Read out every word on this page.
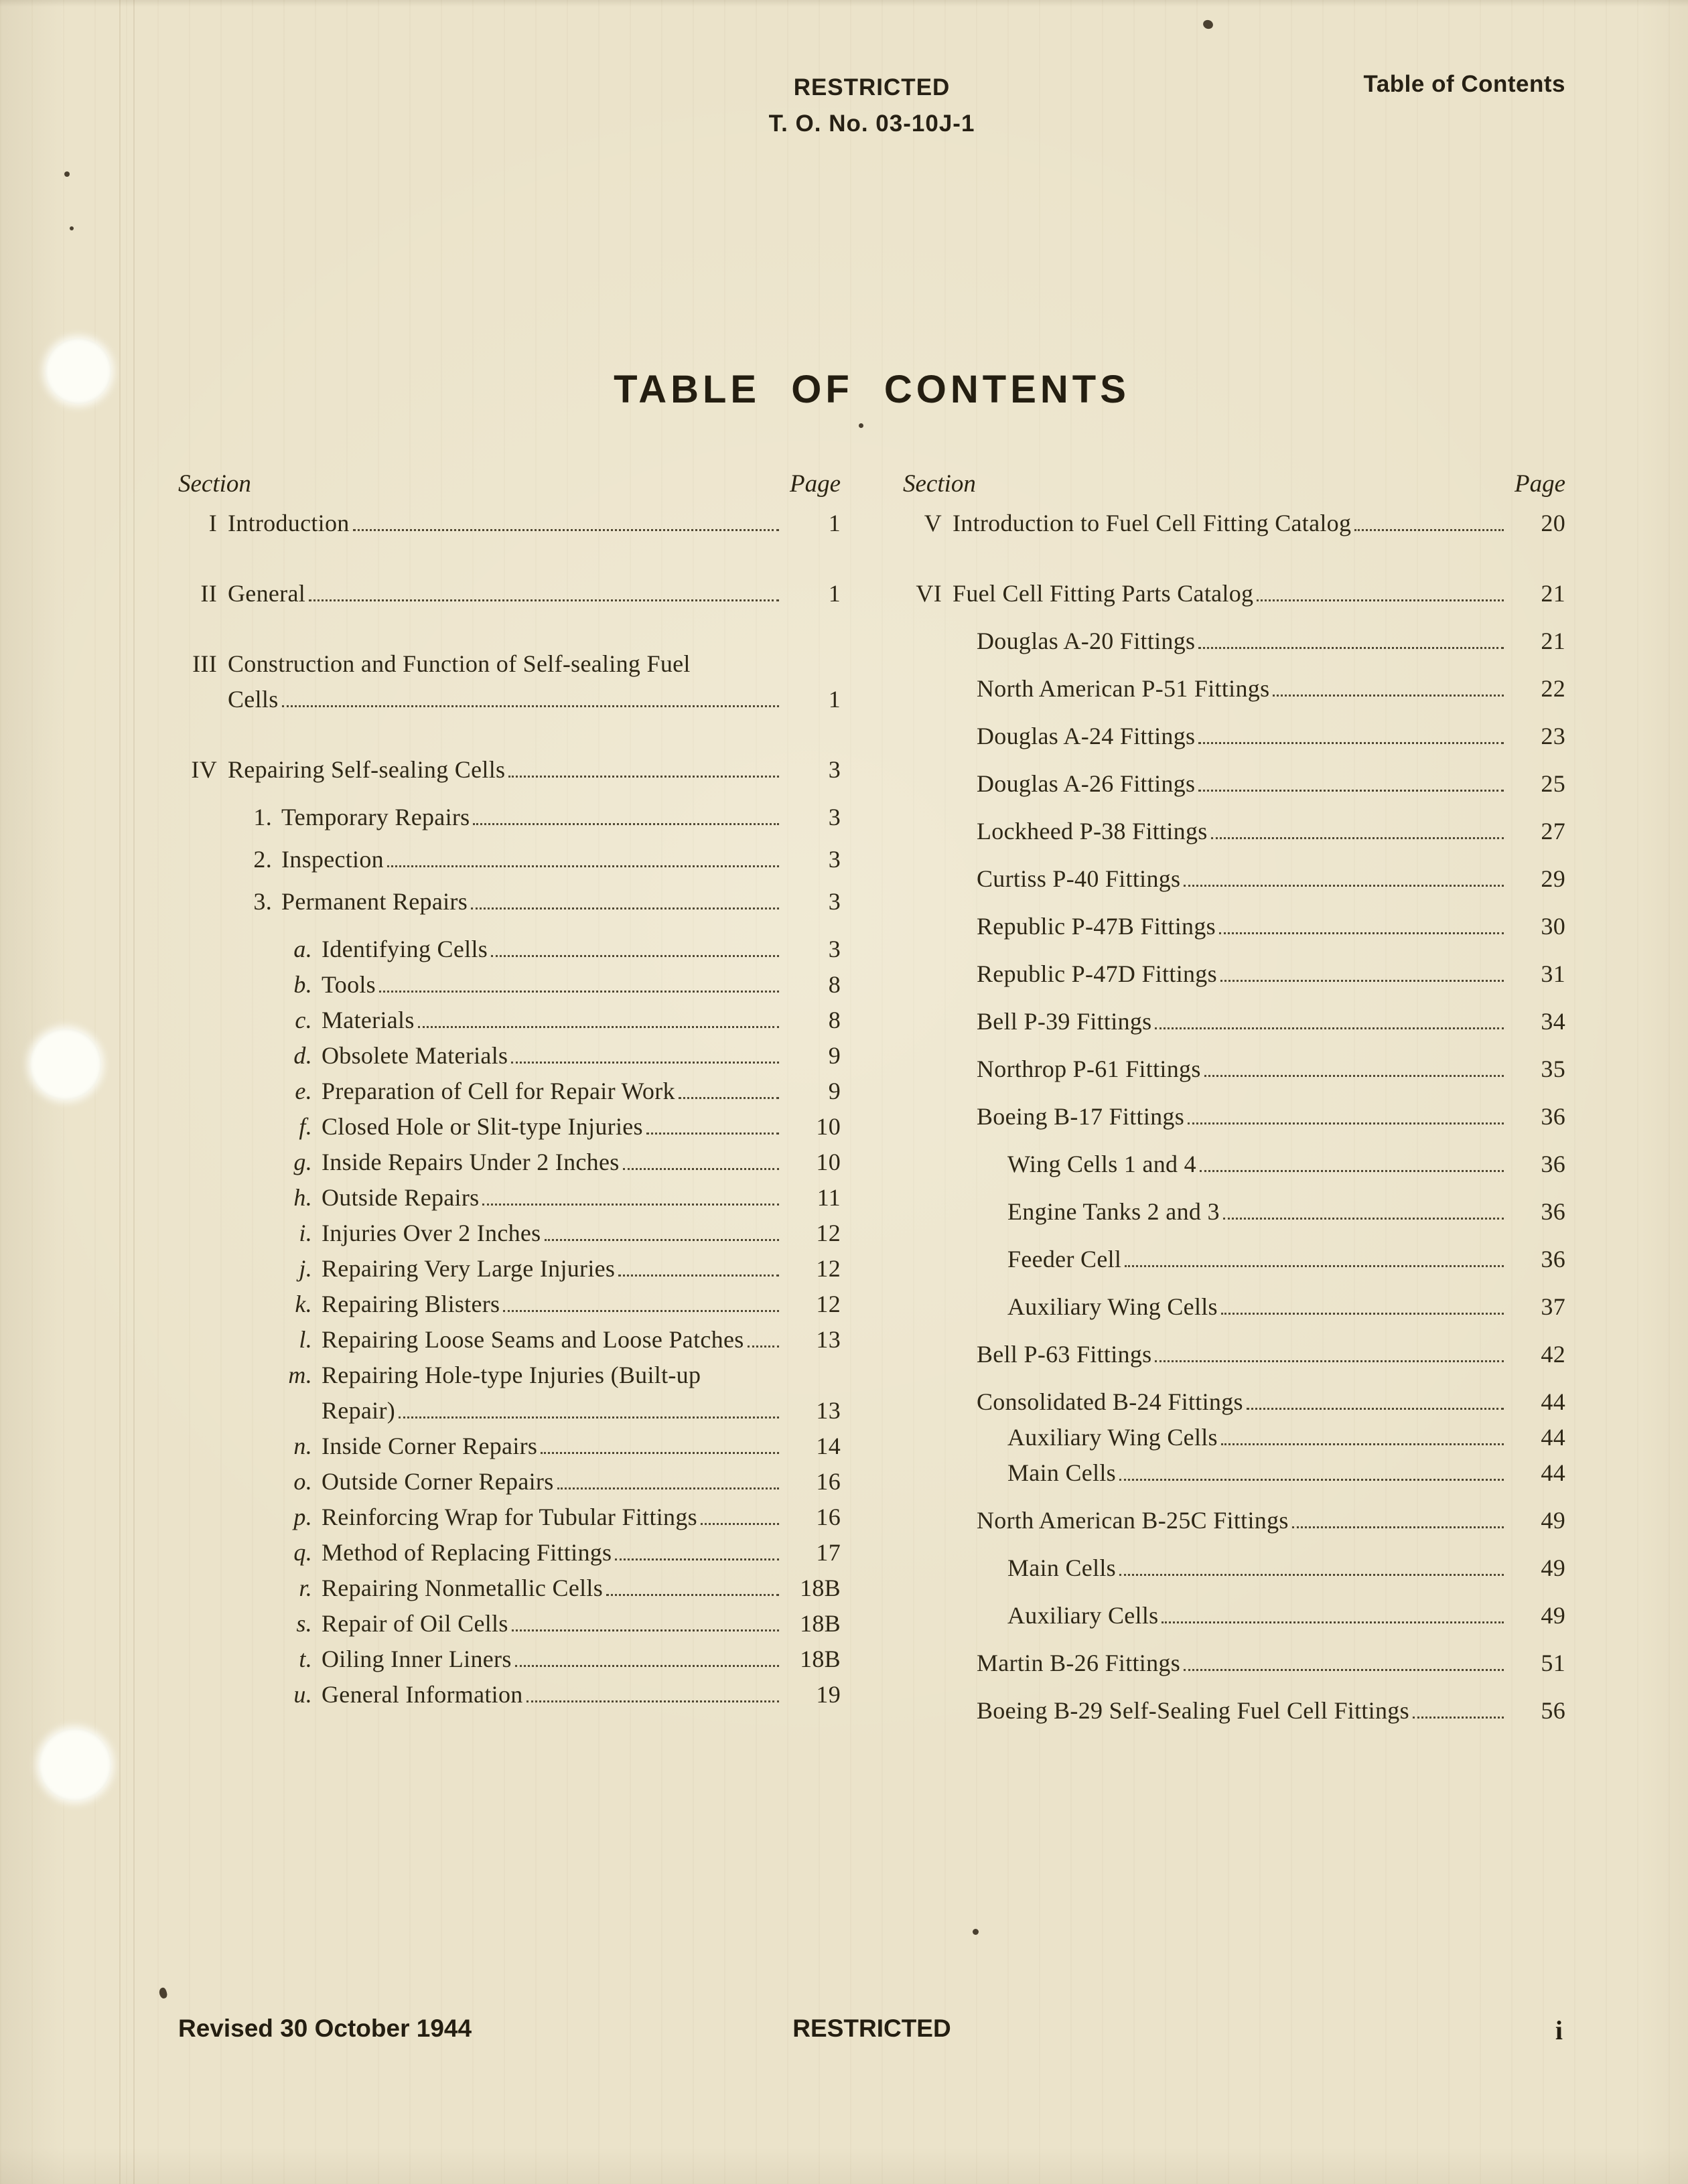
RESTRICTED
T. O. No. 03-10J-1
Table of Contents
TABLE OF CONTENTS
Section	Page
I Introduction	1
II General	1
III Construction and Function of Self-sealing Fuel
Cells	1
IV Repairing Self-sealing Cells	3
1. Temporary Repairs	3
2. Inspection	3
3. Permanent Repairs	3
a. Identifying Cells	3
b. Tools	8
c. Materials	8
d. Obsolete Materials	9
e. Preparation of Cell for Repair Work	9
f. Closed Hole or Slit-type Injuries	10
g. Inside Repairs Under 2 Inches	10
h. Outside Repairs	11
i. Injuries Over 2 Inches	12
j. Repairing Very Large Injuries	12
k. Repairing Blisters	12
l. Repairing Loose Seams and Loose Patches	13
m. Repairing Hole-type Injuries (Built-up
Repair)	13
n. Inside Corner Repairs	14
o. Outside Corner Repairs	16
p. Reinforcing Wrap for Tubular Fittings	16
q. Method of Replacing Fittings	17
r. Repairing Nonmetallic Cells	18B
s. Repair of Oil Cells	18B
t. Oiling Inner Liners	18B
u. General Information	19
Section	Page
V Introduction to Fuel Cell Fitting Catalog	20
VI Fuel Cell Fitting Parts Catalog	21
Douglas A-20 Fittings	21
North American P-51 Fittings	22
Douglas A-24 Fittings	23
Douglas A-26 Fittings	25
Lockheed P-38 Fittings	27
Curtiss P-40 Fittings	29
Republic P-47B Fittings	30
Republic P-47D Fittings	31
Bell P-39 Fittings	34
Northrop P-61 Fittings	35
Boeing B-17 Fittings	36
Wing Cells 1 and 4	36
Engine Tanks 2 and 3	36
Feeder Cell	36
Auxiliary Wing Cells	37
Bell P-63 Fittings	42
Consolidated B-24 Fittings	44
Auxiliary Wing Cells	44
Main Cells	44
North American B-25C Fittings	49
Main Cells	49
Auxiliary Cells	49
Martin B-26 Fittings	51
Boeing B-29 Self-Sealing Fuel Cell Fittings	56
Revised 30 October 1944	RESTRICTED	i
